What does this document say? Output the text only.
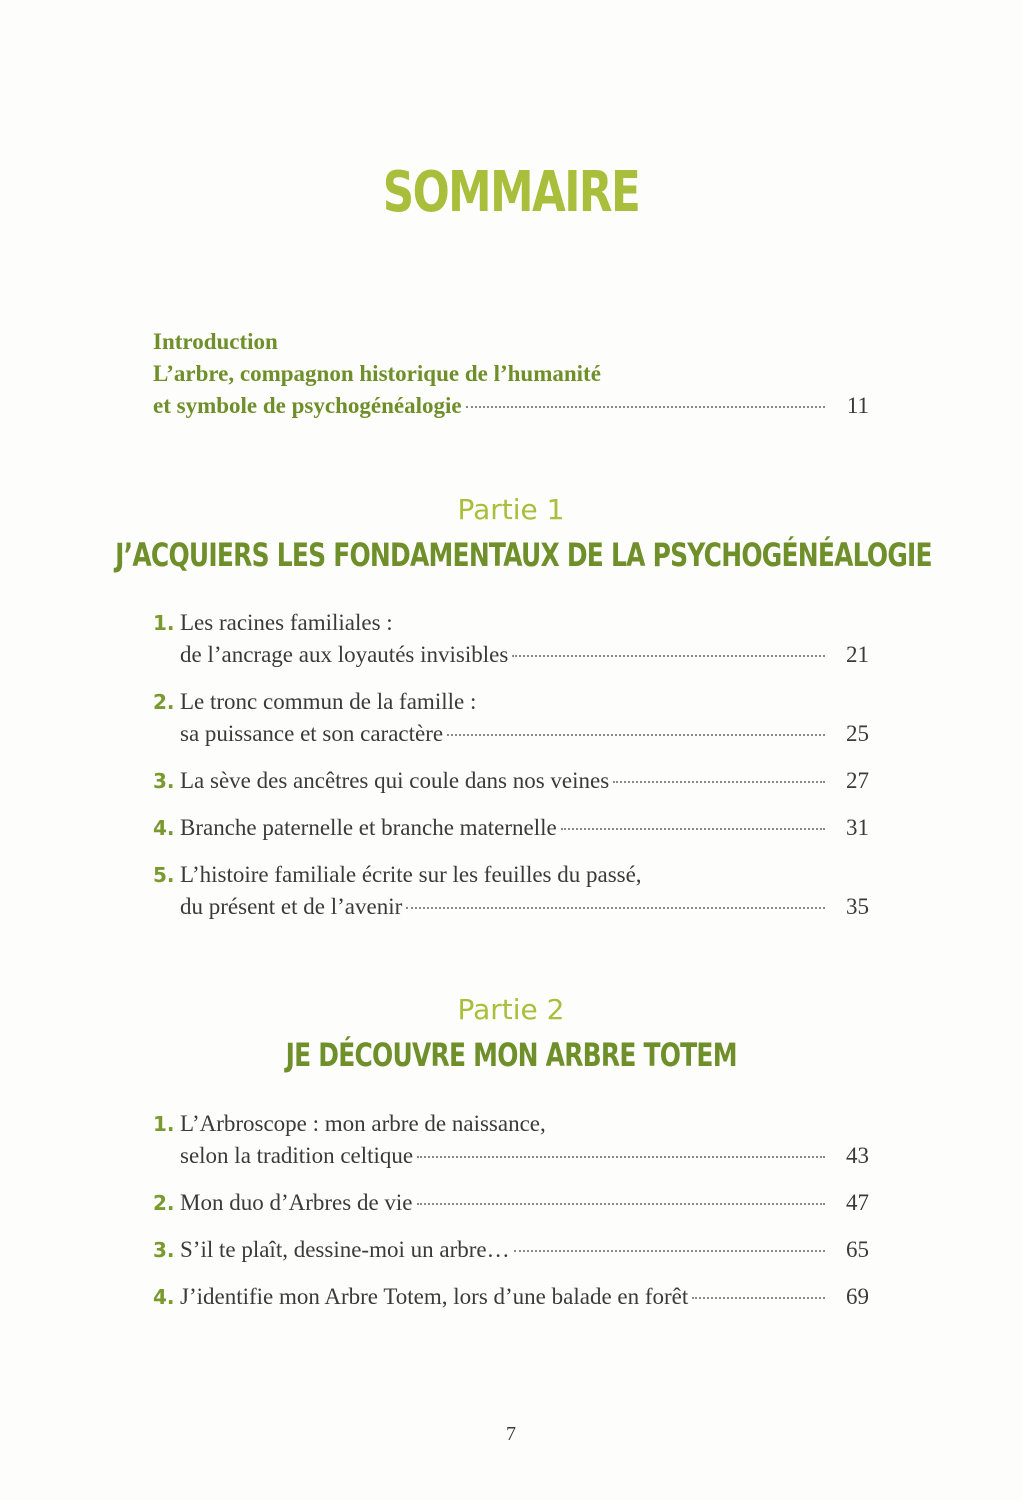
SOMMAIRE
Introduction
L’arbre, compagnon historique de l’humanité
et symbole de psychogénéalogie	11
Partie 1
J’ACQUIERS LES FONDAMENTAUX DE LA PSYCHOGÉNÉALOGIE
1. Les racines familiales :
de l’ancrage aux loyautés invisibles	21
2. Le tronc commun de la famille :
sa puissance et son caractère	25
3. La sève des ancêtres qui coule dans nos veines	27
4. Branche paternelle et branche maternelle	31
5. L’histoire familiale écrite sur les feuilles du passé,
du présent et de l’avenir	35
Partie 2
JE DÉCOUVRE MON ARBRE TOTEM
1. L’Arbroscope : mon arbre de naissance,
selon la tradition celtique	43
2. Mon duo d’Arbres de vie	47
3. S’il te plaît, dessine-moi un arbre…	65
4. J’identifie mon Arbre Totem, lors d’une balade en forêt	69
7
